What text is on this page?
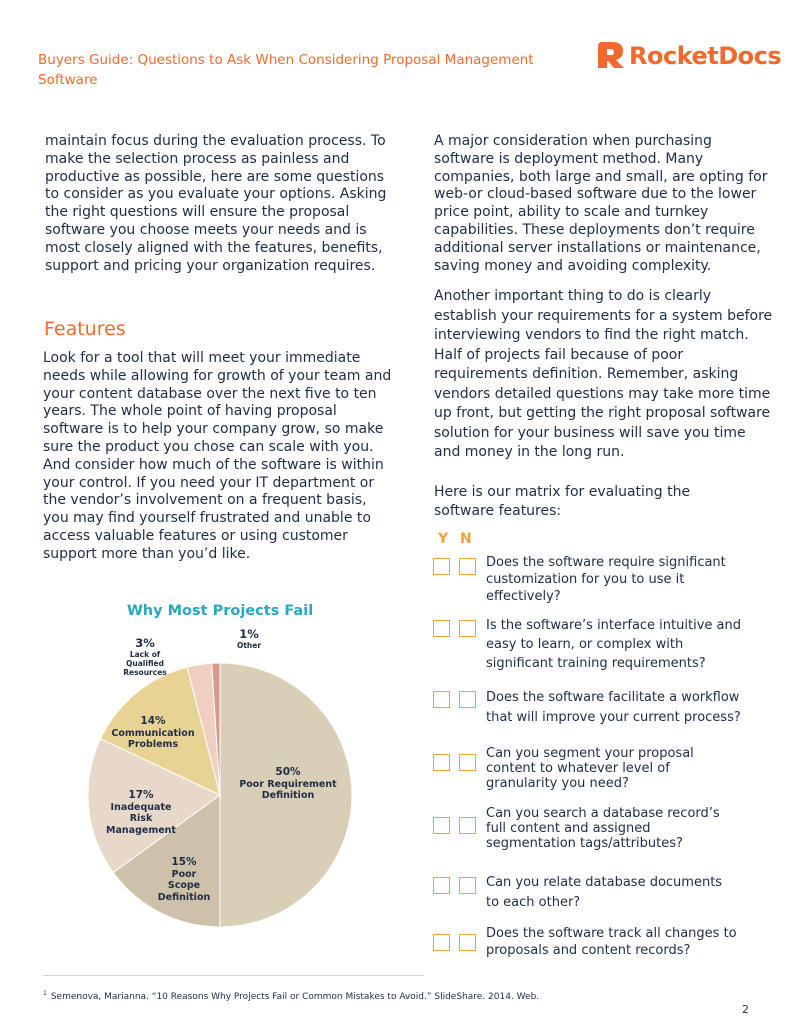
Buyers Guide: Questions to Ask When Considering Proposal Management Software
RocketDocs
maintain focus during the evaluation process. To make the selection process as painless and productive as possible, here are some questions to consider as you evaluate your options. Asking the right questions will ensure the proposal software you choose meets your needs and is most closely aligned with the features, benefits, support and pricing your organization requires.
Features
Look for a tool that will meet your immediate needs while allowing for growth of your team and your content database over the next five to ten years. The whole point of having proposal software is to help your company grow, so make sure the product you chose can scale with you. And consider how much of the software is within your control. If you need your IT department or the vendor’s involvement on a frequent basis, you may find yourself frustrated and unable to access valuable features or using customer support more than you’d like.
Why Most Projects Fail
50%
Poor Requirement Definition
15%
Poor Scope Definition
17%
Inadequate Risk Management
14%
Communication Problems
3%
Lack of Qualified Resources
1%
Other
A major consideration when purchasing software is deployment method. Many companies, both large and small, are opting for web-or cloud-based software due to the lower price point, ability to scale and turnkey capabilities. These deployments don’t require additional server installations or maintenance, saving money and avoiding complexity.
Another important thing to do is clearly establish your requirements for a system before interviewing vendors to find the right match. Half of projects fail because of poor requirements definition. Remember, asking vendors detailed questions may take more time up front, but getting the right proposal software solution for your business will save you time and money in the long run.
Here is our matrix for evaluating the software features:
Y N
Does the software require significant customization for you to use it effectively?
Is the software’s interface intuitive and easy to learn, or complex with significant training requirements?
Does the software facilitate a workflow that will improve your current process?
Can you segment your proposal content to whatever level of granularity you need?
Can you search a database record’s full content and assigned segmentation tags/attributes?
Can you relate database documents to each other?
Does the software track all changes to proposals and content records?
$^1$ Semenova, Marianna. “10 Reasons Why Projects Fail or Common Mistakes to Avoid.” SlideShare. 2014. Web.
2
